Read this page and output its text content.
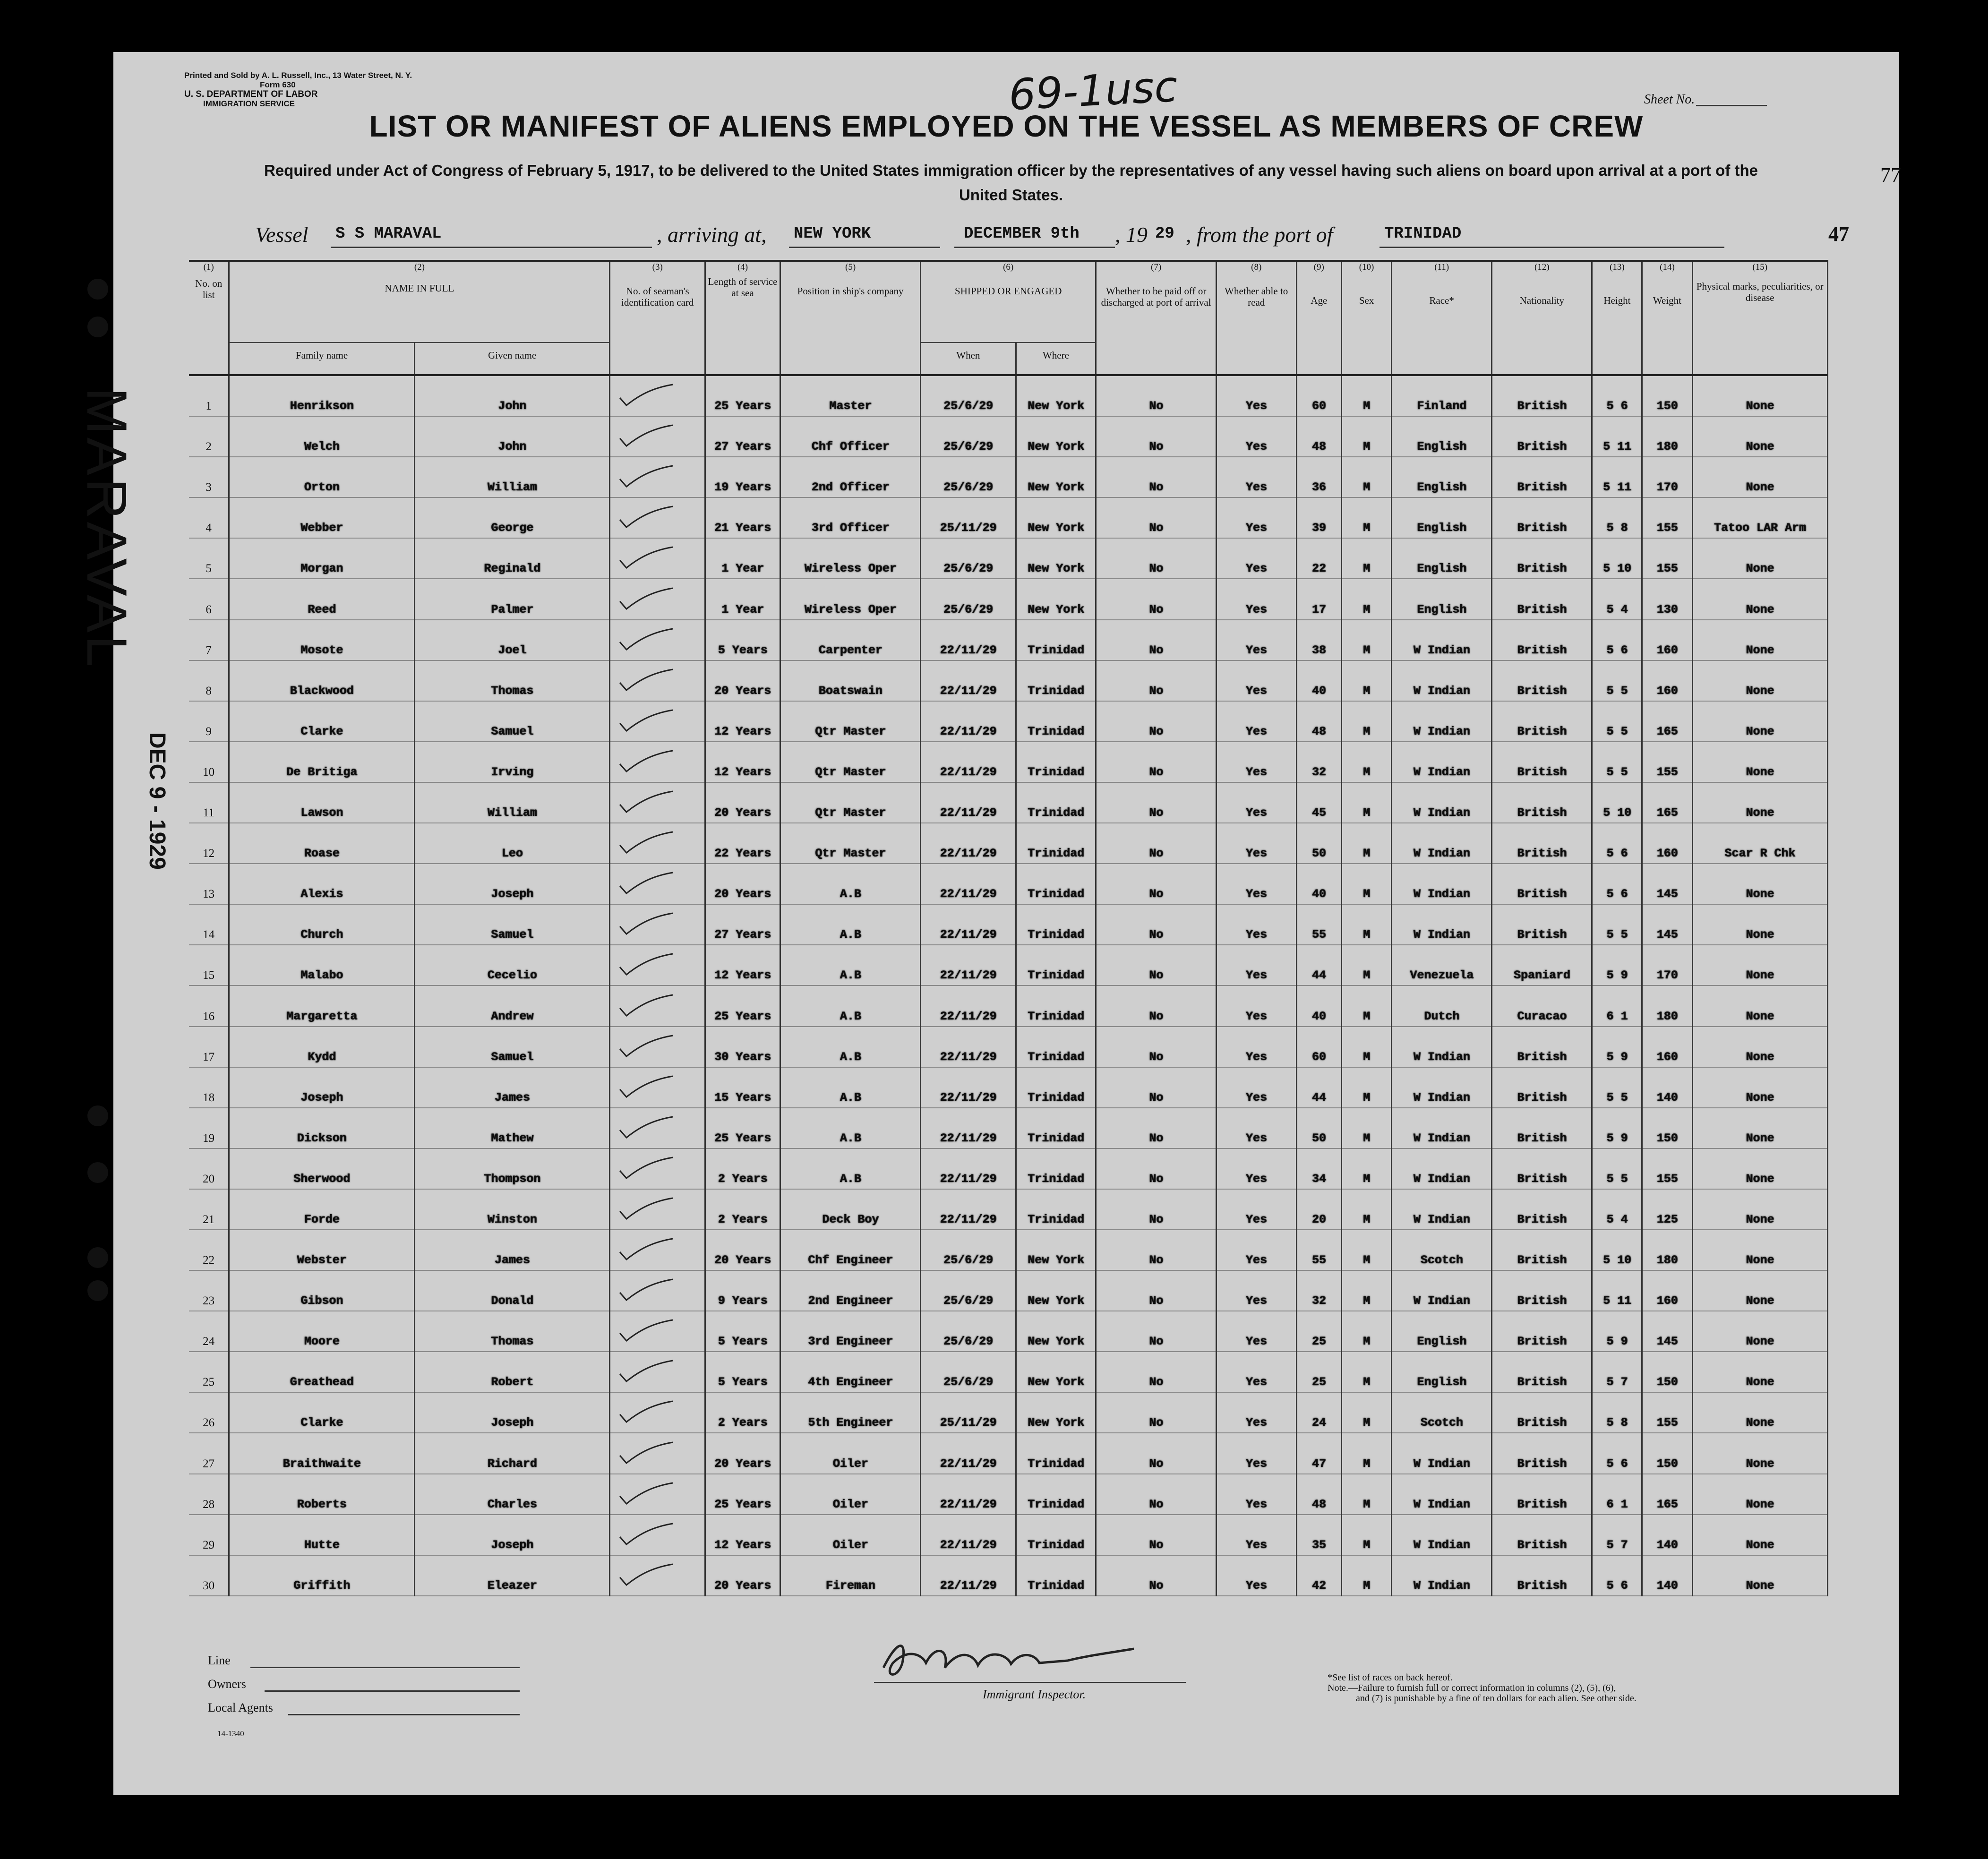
Printed and Sold by A. L. Russell, Inc., 13 Water Street, N. Y.
Form 630
U. S. DEPARTMENT OF LABOR
IMMIGRATION SERVICE	69-1usc	Sheet No.
77
LIST OR MANIFEST OF ALIENS EMPLOYED ON THE VESSEL AS MEMBERS OF CREW
Required under Act of Congress of February 5, 1917, to be delivered to the United States immigration officer by the representatives of any vessel having such aliens on board upon arrival at a port of the United States.
Vessel S S MARAVAL	, arriving at, NEW YORK	DECEMBER 9th , 19 29 , from the port of	TRINIDAD	47
MARAVAL
DEC 9 - 1929
(1)	(2)		(3)	(4)	(5)	(6)		(7)	(8)	(9)	(10)	(11)	(12)	(13)	(14)	(15)
No. on list	NAME IN FULL		No. of seaman's identification card	Length of service at sea	Position in ship's company	SHIPPED OR ENGAGED		Whether to be paid off or discharged at port of arrival	Whether able to read	Age	Sex	Race*	Nationality	Height	Weight	Physical marks, peculiarities, or disease
	Family name	Given name				When	Where									
1	Henrikson	John		25 Years	Master	25/6/29	New York	No	Yes	60	M	Finland	British	5 6	150	None
2	Welch	John		27 Years	Chf Officer	25/6/29	New York	No	Yes	48	M	English	British	5 11	180	None
3	Orton	William		19 Years	2nd Officer	25/6/29	New York	No	Yes	36	M	English	British	5 11	170	None
4	Webber	George		21 Years	3rd Officer	25/11/29	New York	No	Yes	39	M	English	British	5 8	155	Tatoo LAR Arm
5	Morgan	Reginald		1 Year	Wireless Oper	25/6/29	New York	No	Yes	22	M	English	British	5 10	155	None
6	Reed	Palmer		1 Year	Wireless Oper	25/6/29	New York	No	Yes	17	M	English	British	5 4	130	None
7	Mosote	Joel		5 Years	Carpenter	22/11/29	Trinidad	No	Yes	38	M	W Indian	British	5 6	160	None
8	Blackwood	Thomas		20 Years	Boatswain	22/11/29	Trinidad	No	Yes	40	M	W Indian	British	5 5	160	None
9	Clarke	Samuel		12 Years	Qtr Master	22/11/29	Trinidad	No	Yes	48	M	W Indian	British	5 5	165	None
10	De Britiga	Irving		12 Years	Qtr Master	22/11/29	Trinidad	No	Yes	32	M	W Indian	British	5 5	155	None
11	Lawson	William		20 Years	Qtr Master	22/11/29	Trinidad	No	Yes	45	M	W Indian	British	5 10	165	None
12	Roase	Leo		22 Years	Qtr Master	22/11/29	Trinidad	No	Yes	50	M	W Indian	British	5 6	160	Scar R Chk
13	Alexis	Joseph		20 Years	A.B	22/11/29	Trinidad	No	Yes	40	M	W Indian	British	5 6	145	None
14	Church	Samuel		27 Years	A.B	22/11/29	Trinidad	No	Yes	55	M	W Indian	British	5 5	145	None
15	Malabo	Cecelio		12 Years	A.B	22/11/29	Trinidad	No	Yes	44	M	Venezuela	Spaniard	5 9	170	None
16	Margaretta	Andrew		25 Years	A.B	22/11/29	Trinidad	No	Yes	40	M	Dutch	Curacao	6 1	180	None
17	Kydd	Samuel		30 Years	A.B	22/11/29	Trinidad	No	Yes	60	M	W Indian	British	5 9	160	None
18	Joseph	James		15 Years	A.B	22/11/29	Trinidad	No	Yes	44	M	W Indian	British	5 5	140	None
19	Dickson	Mathew		25 Years	A.B	22/11/29	Trinidad	No	Yes	50	M	W Indian	British	5 9	150	None
20	Sherwood	Thompson		2 Years	A.B	22/11/29	Trinidad	No	Yes	34	M	W Indian	British	5 5	155	None
21	Forde	Winston		2 Years	Deck Boy	22/11/29	Trinidad	No	Yes	20	M	W Indian	British	5 4	125	None
22	Webster	James		20 Years	Chf Engineer	25/6/29	New York	No	Yes	55	M	Scotch	British	5 10	180	None
23	Gibson	Donald		9 Years	2nd Engineer	25/6/29	New York	No	Yes	32	M	W Indian	British	5 11	160	None
24	Moore	Thomas		5 Years	3rd Engineer	25/6/29	New York	No	Yes	25	M	English	British	5 9	145	None
25	Greathead	Robert		5 Years	4th Engineer	25/6/29	New York	No	Yes	25	M	English	British	5 7	150	None
26	Clarke	Joseph		2 Years	5th Engineer	25/11/29	New York	No	Yes	24	M	Scotch	British	5 8	155	None
27	Braithwaite	Richard		20 Years	Oiler	22/11/29	Trinidad	No	Yes	47	M	W Indian	British	5 6	150	None
28	Roberts	Charles		25 Years	Oiler	22/11/29	Trinidad	No	Yes	48	M	W Indian	British	6 1	165	None
29	Hutte	Joseph		12 Years	Oiler	22/11/29	Trinidad	No	Yes	35	M	W Indian	British	5 7	140	None
30	Griffith	Eleazer		20 Years	Fireman	22/11/29	Trinidad	No	Yes	42	M	W Indian	British	5 6	140	None
Line
Owners
Local Agents
14-1340
Immigrant Inspector.
*See list of races on back hereof.
Note.—Failure to furnish full or correct information in columns (2), (5), (6),
and (7) is punishable by a fine of ten dollars for each alien. See other side.
